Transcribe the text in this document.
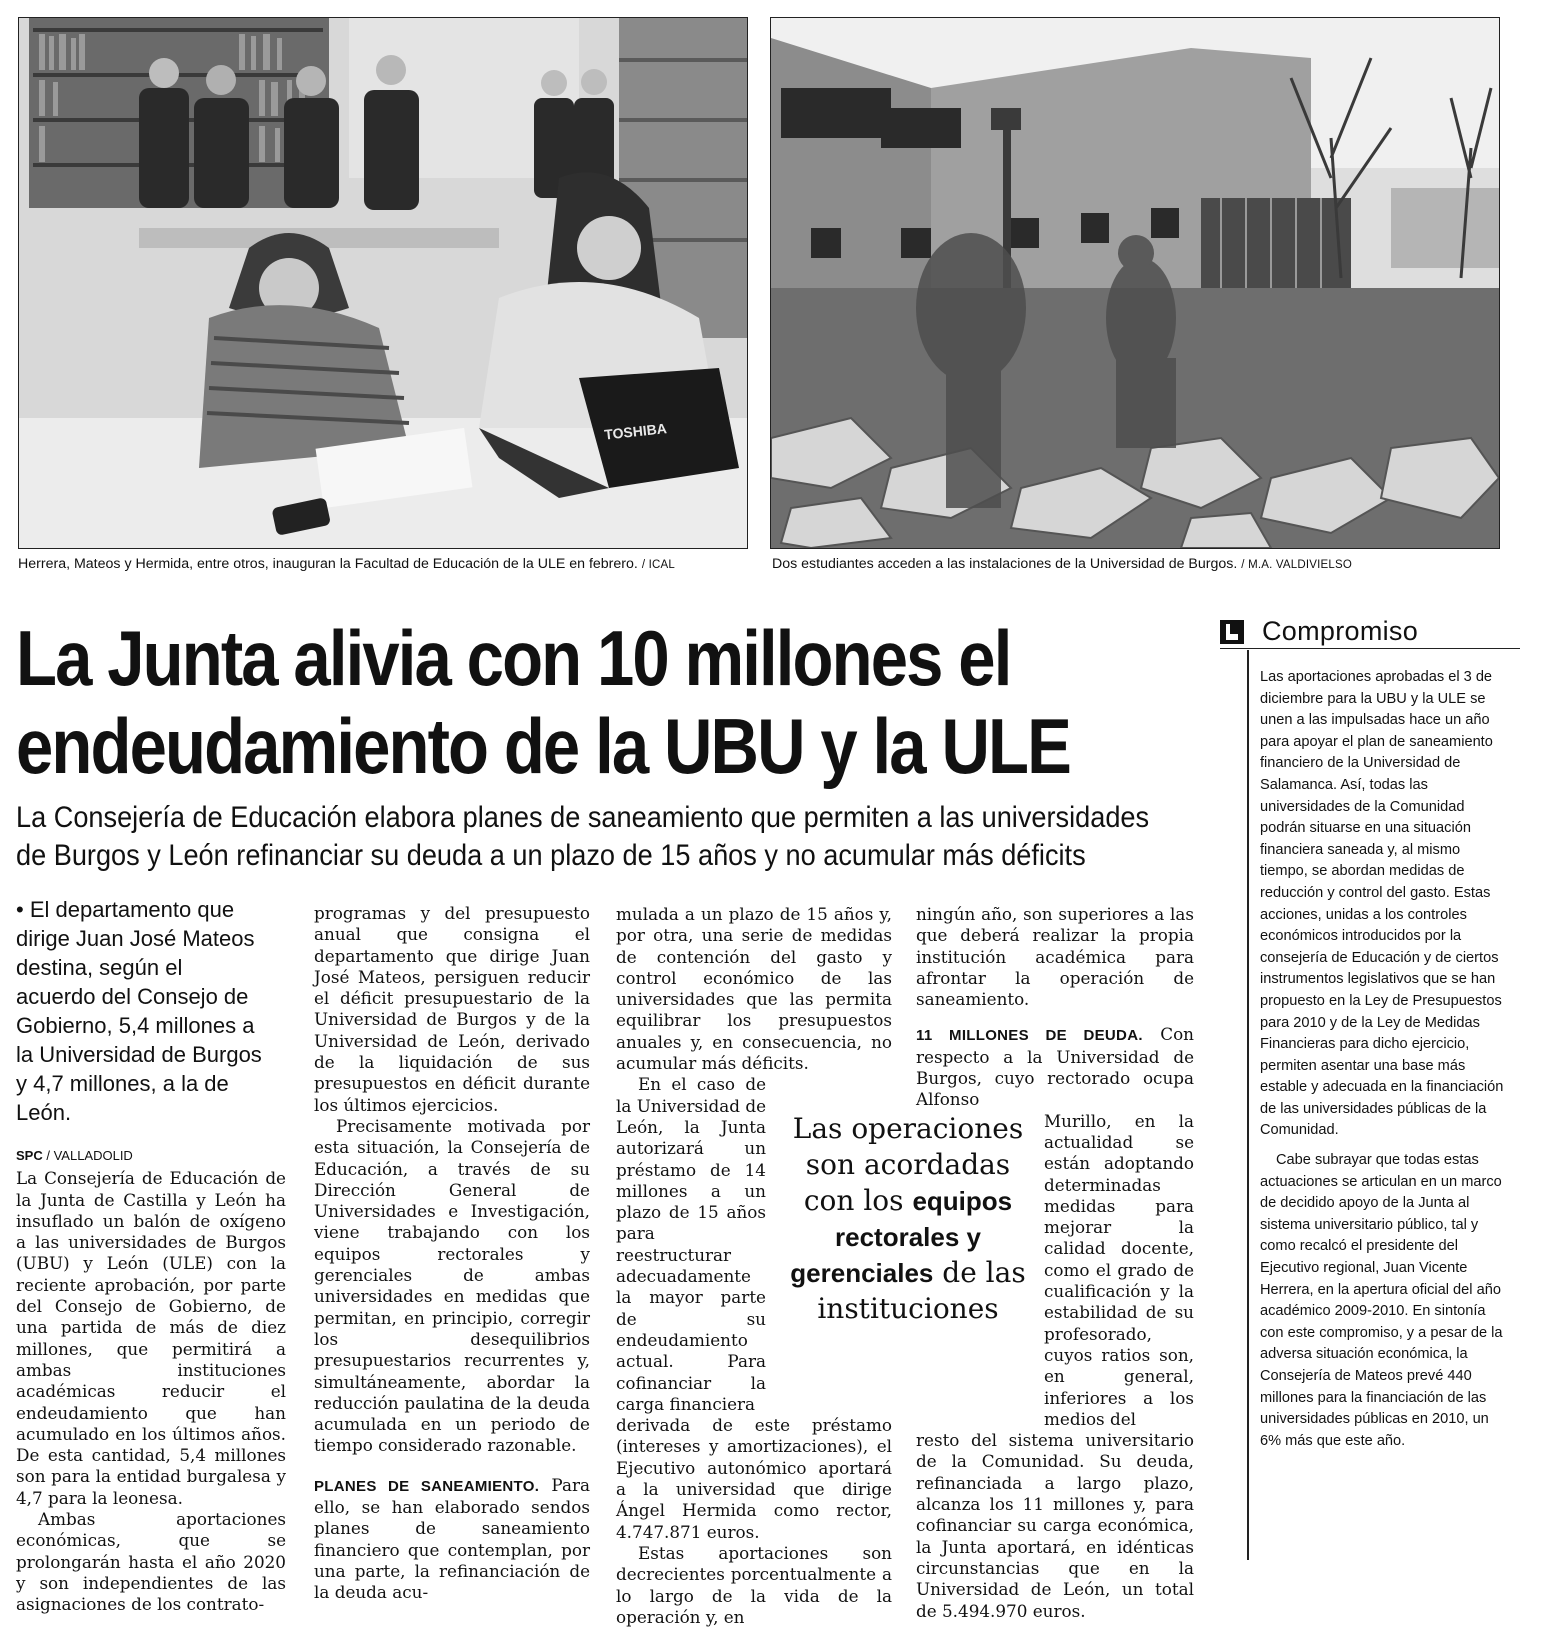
TOSHIBA
Herrera, Mateos y Hermida, entre otros, inauguran la Facultad de Educación de la ULE en febrero. / ICAL	Dos estudiantes acceden a las instalaciones de la Universidad de Burgos. / M.A. VALDIVIELSO
La Junta alivia con 10 millones el
endeudamiento de la UBU y la ULE
La Consejería de Educación elabora planes de saneamiento que permiten a las universidades
de Burgos y León refinanciar su deuda a un plazo de 15 años y no acumular más déficits
• El departamento que dirige Juan José Mateos destina, según el acuerdo del Consejo de Gobierno, 5,4 millones a la Universidad de Burgos y 4,7 millones, a la de León.
SPC / VALLADOLID

La Consejería de Educación de la Junta de Castilla y León ha insuflado un balón de oxígeno a las universidades de Burgos (UBU) y León (ULE) con la reciente aprobación, por parte del Consejo de Gobierno, de una partida de más de diez millones, que permitirá a ambas instituciones académicas reducir el endeudamiento que han acumulado en los últimos años. De esta cantidad, 5,4 millones son para la entidad burgalesa y 4,7 para la leonesa.

Ambas aportaciones económicas, que se prolongarán hasta el año 2020 y son independientes de las asignaciones de los contrato-

programas y del presupuesto anual que consigna el departamento que dirige Juan José Mateos, persiguen reducir el déficit presupuestario de la Universidad de Burgos y de la Universidad de León, derivado de la liquidación de sus presupuestos en déficit durante los últimos ejercicios.

Precisamente motivada por esta situación, la Consejería de Educación, a través de su Dirección General de Universidades e Investigación, viene trabajando con los equipos rectorales y gerenciales de ambas universidades en medidas que permitan, en principio, corregir los desequilibrios presupuestarios recurrentes y, simultáneamente, abordar la reducción paulatina de la deuda acumulada en un periodo de tiempo considerado razonable.

PLANES DE SANEAMIENTO. Para ello, se han elaborado sendos planes de saneamiento financiero que contemplan, por una parte, la refinanciación de la deuda acu-

mulada a un plazo de 15 años y, por otra, una serie de medidas de contención del gasto y control económico de las universidades que las permita equilibrar los presupuestos anuales y, en consecuencia, no acumular más déficits.

En el caso de la Universidad de León, la Junta autorizará un préstamo de 14 millones a un plazo de 15 años para reestructurar adecuadamente la mayor parte de su endeudamiento actual. Para cofinanciar la carga financiera

derivada de este préstamo (intereses y amortizaciones), el Ejecutivo autonómico aportará a la universidad que dirige Ángel Hermida como rector, 4.747.871 euros.

Estas aportaciones son decrecientes porcentualmente a lo largo de la vida de la operación y, en

ningún año, son superiores a las que deberá realizar la propia institución académica para afrontar la operación de saneamiento.

11 MILLONES DE DEUDA. Con respecto a la Universidad de Burgos, cuyo rectorado ocupa Alfonso

Murillo, en la actualidad se están adoptando determinadas medidas para mejorar la calidad docente, como el grado de cualificación y la estabilidad de su profesorado, cuyos ratios son, en general, inferiores a los medios del

resto del sistema universitario de la Comunidad. Su deuda, refinanciada a largo plazo, alcanza los 11 millones y, para cofinanciar su carga económica, la Junta aportará, en idénticas circunstancias que en la Universidad de León, un total de 5.494.970 euros.

Las operaciones son acordadas con los equipos rectorales y gerenciales de las instituciones
Compromiso

Las aportaciones aprobadas el 3 de diciembre para la UBU y la ULE se unen a las impulsadas hace un año para apoyar el plan de saneamiento financiero de la Universidad de Salamanca. Así, todas las universidades de la Comunidad podrán situarse en una situación financiera saneada y, al mismo tiempo, se abordan medidas de reducción y control del gasto. Estas acciones, unidas a los controles económicos introducidos por la consejería de Educación y de ciertos instrumentos legislativos que se han propuesto en la Ley de Presupuestos para 2010 y de la Ley de Medidas Financieras para dicho ejercicio, permiten asentar una base más estable y adecuada en la financiación de las universidades públicas de la Comunidad.

Cabe subrayar que todas estas actuaciones se articulan en un marco de decidido apoyo de la Junta al sistema universitario público, tal y como recalcó el presidente del Ejecutivo regional, Juan Vicente Herrera, en la apertura oficial del año académico 2009-2010. En sintonía con este compromiso, y a pesar de la adversa situación económica, la Consejería de Mateos prevé 440 millones para la financiación de las universidades públicas en 2010, un 6% más que este año.
